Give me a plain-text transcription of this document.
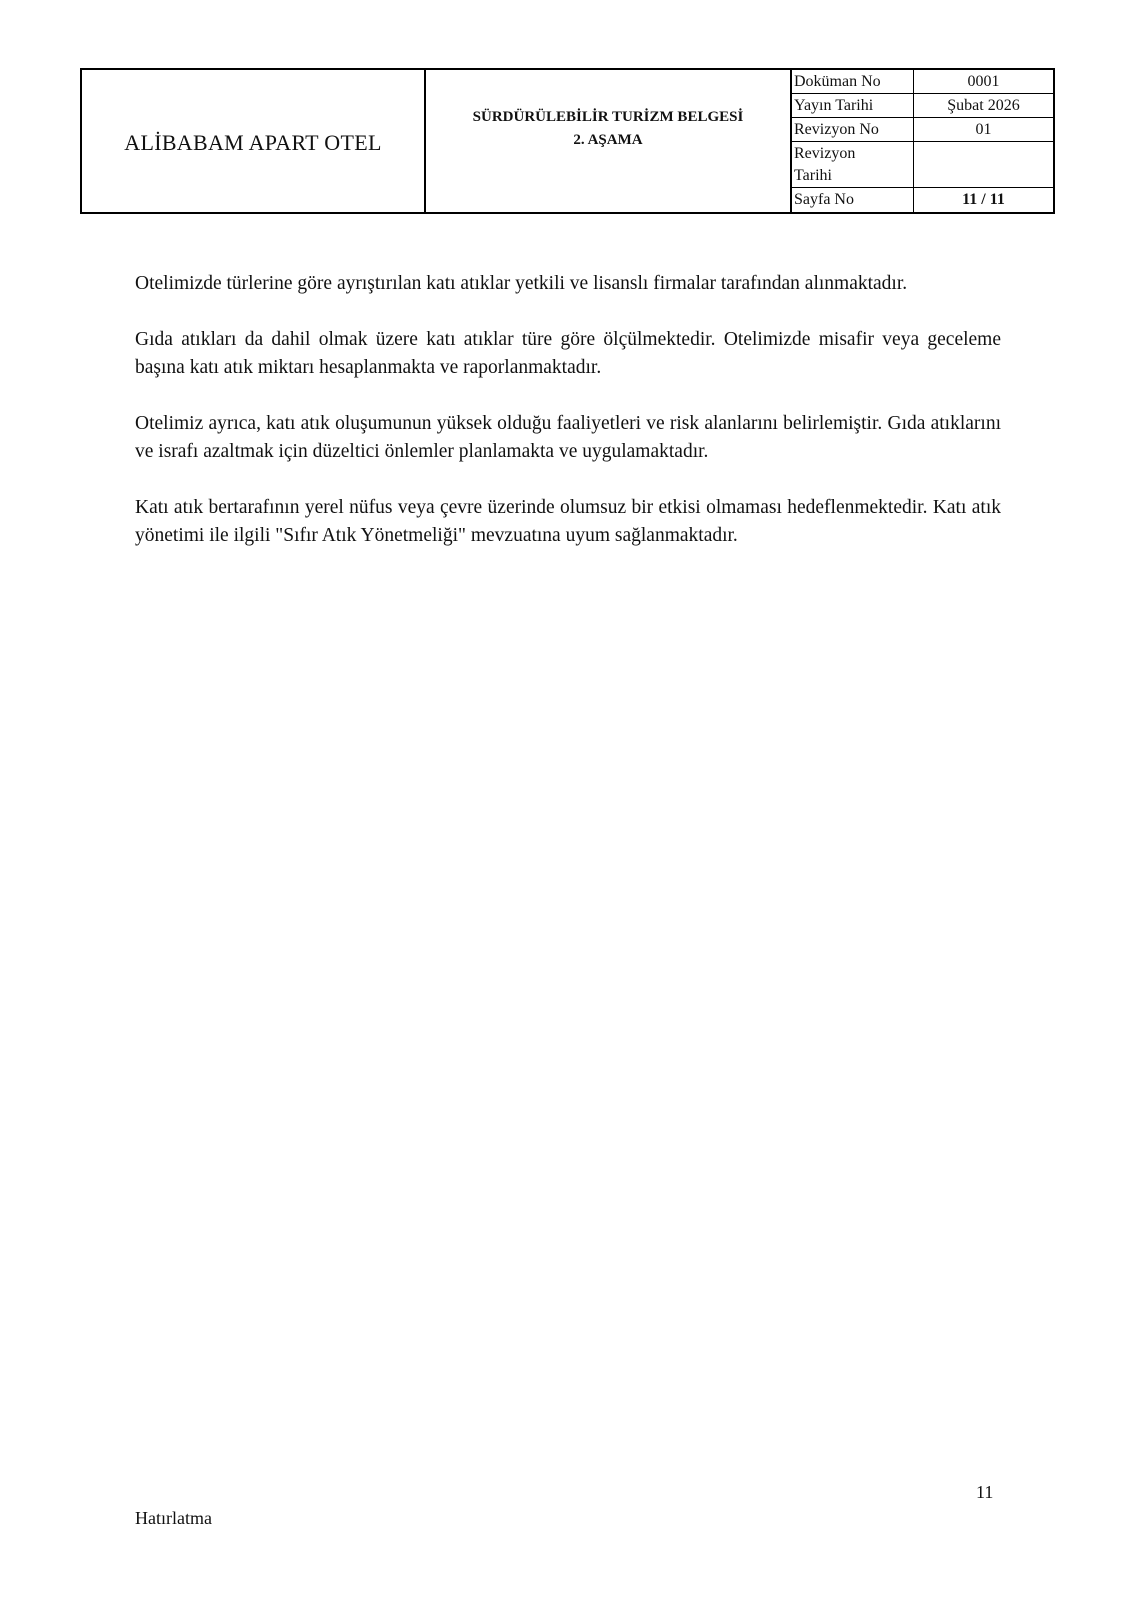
ALİBABAM APART OTEL
SÜRDÜRÜLEBİLİR TURİZM BELGESİ
2. AŞAMA
Doküman No	0001
Yayın Tarihi	Şubat 2026
Revizyon No	01
Revizyon
Tarihi
Sayfa No	11 / 11

Otelimizde türlerine göre ayrıştırılan katı atıklar yetkili ve lisanslı firmalar tarafından alınmaktadır.

Gıda atıkları da dahil olmak üzere katı atıklar türe göre ölçülmektedir. Otelimizde misafir veya geceleme başına katı atık miktarı hesaplanmakta ve raporlanmaktadır.

Otelimiz ayrıca, katı atık oluşumunun yüksek olduğu faaliyetleri ve risk alanlarını belirlemiştir. Gıda atıklarını ve israfı azaltmak için düzeltici önlemler planlamakta ve uygulamaktadır.

Katı atık bertarafının yerel nüfus veya çevre üzerinde olumsuz bir etkisi olmaması hedeflenmektedir. Katı atık yönetimi ile ilgili "Sıfır Atık Yönetmeliği" mevzuatına uyum sağlanmaktadır.

11
Hatırlatma
